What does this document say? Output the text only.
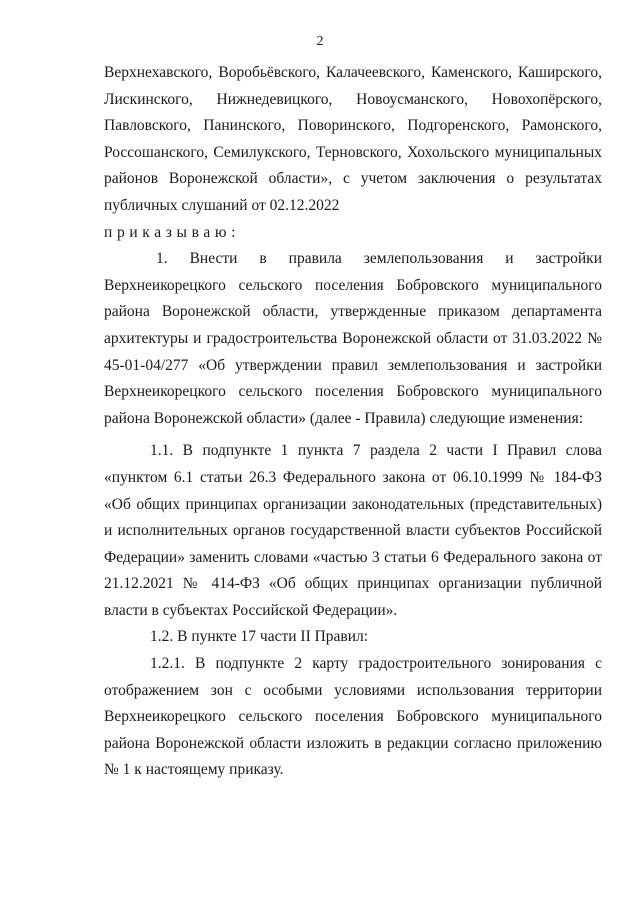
2

Верхнехавского, Воробьёвского, Калачеевского, Каменского, Каширского, Лискинского, Нижнедевицкого, Новоусманского, Новохопёрского, Павловского, Панинского, Поворинского, Подгоренского, Рамонского, Россошанского, Семилукского, Терновского, Хохольского муниципальных районов Воронежской области», с учетом заключения о результатах публичных слушаний от 02.12.2022

приказываю:

1. Внести в правила землепользования и застройки Верхнеикорецкого сельского поселения Бобровского муниципального района Воронежской области, утвержденные приказом департамента архитектуры и градостроительства Воронежской области от 31.03.2022 № 45-01-04/277 «Об утверждении правил землепользования и застройки Верхнеикорецкого сельского поселения Бобровского муниципального района Воронежской области» (далее - Правила) следующие изменения:

1.1. В подпункте 1 пункта 7 раздела 2 части I Правил слова «пунктом 6.1 статьи 26.3 Федерального закона от 06.10.1999 № 184-ФЗ «Об общих принципах организации законодательных (представительных) и исполнительных органов государственной власти субъектов Российской Федерации» заменить словами «частью 3 статьи 6 Федерального закона от 21.12.2021 № 414-ФЗ «Об общих принципах организации публичной власти в субъектах Российской Федерации».

1.2. В пункте 17 части II Правил:

1.2.1. В подпункте 2 карту градостроительного зонирования с отображением зон с особыми условиями использования территории Верхнеикорецкого сельского поселения Бобровского муниципального района Воронежской области изложить в редакции согласно приложению № 1 к настоящему приказу.
